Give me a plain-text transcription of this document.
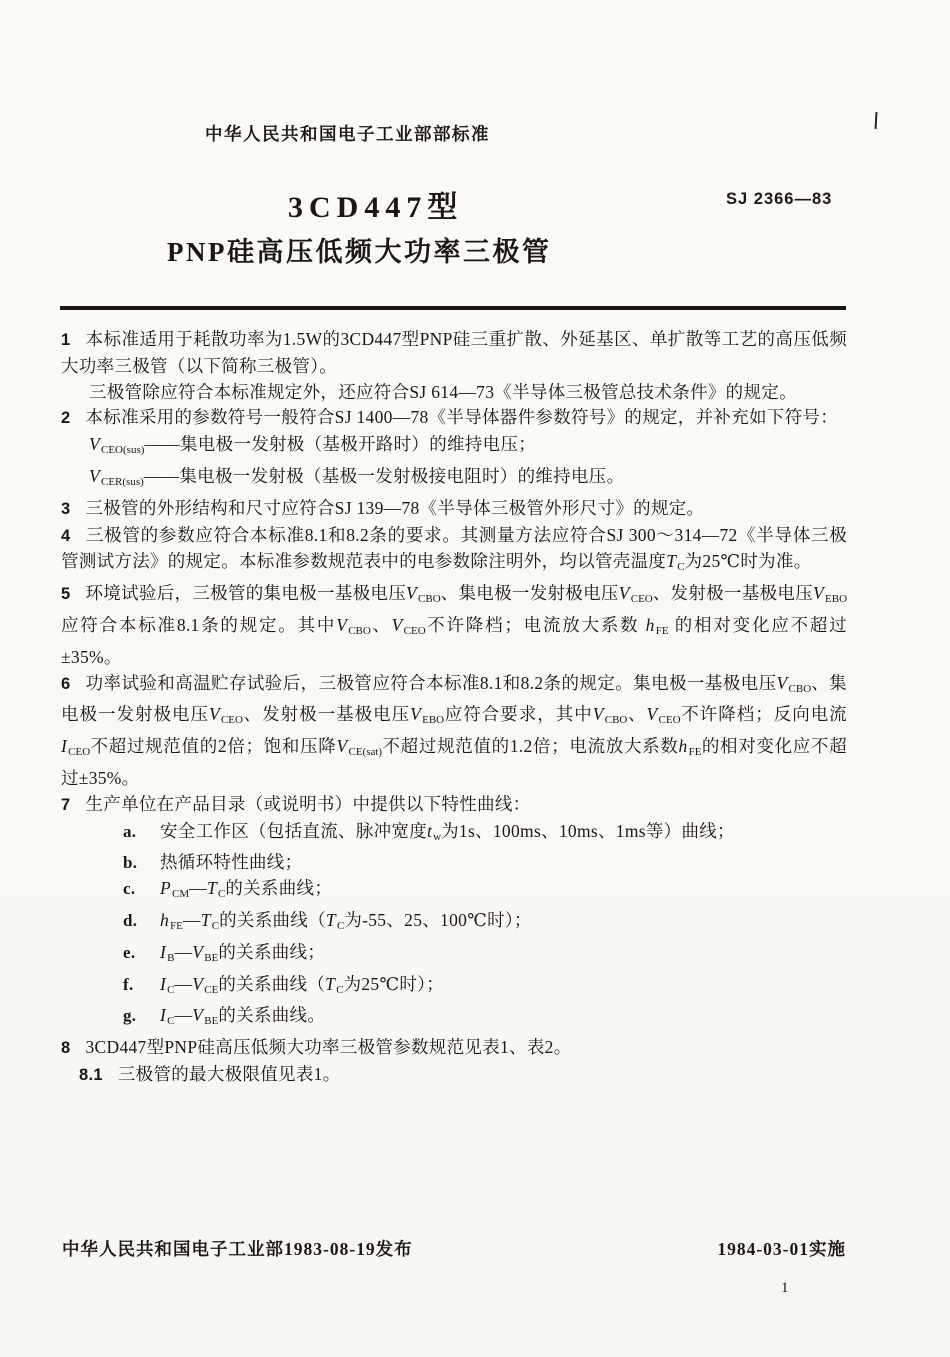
中华人民共和国电子工业部部标准
3CD447型	SJ 2366—83
PNP硅高压低频大功率三极管
1 本标准适用于耗散功率为1.5W的3CD447型PNP硅三重扩散、外延基区、单扩散等工艺的高压低频大功率三极管（以下简称三极管）。
三极管除应符合本标准规定外，还应符合SJ 614—73《半导体三极管总技术条件》的规定。
2 本标准采用的参数符号一般符合SJ 1400—78《半导体器件参数符号》的规定，并补充如下符号：
$V_{CEO(sus)}——$集电极一发射极（基极开路时）的维持电压；
$V_{CER(sus)}——$集电极一发射极（基极一发射极接电阻时）的维持电压。
3 三极管的外形结构和尺寸应符合SJ 139—78《半导体三极管外形尺寸》的规定。
4 三极管的参数应符合本标准8.1和8.2条的要求。其测量方法应符合SJ 300～314—72《半导体三极管测试方法》的规定。本标准参数规范表中的电参数除注明外，均以管壳温度$T_C$为25℃时为准。
5 环境试验后，三极管的集电极一基极电压$V_{CBO}$、集电极一发射极电压$V_{CEO}$、发射极一基极电压$V_{EBO}$ 应符合本标准8.1条的规定。其中$V_{CBO}$、$V_{CEO}$不许降档；电流放大系数 $h_{FE}$ 的相对变化应不超过±35%。
6 功率试验和高温贮存试验后，三极管应符合本标准8.1和8.2条的规定。集电极一基极电压$V_{CBO}$、集电极一发射极电压$V_{CEO}$、发射极一基极电压$V_{EBO}$应符合要求，其中$V_{CBO}$、$V_{CEO}$不许降档；反向电流$I_{CEO}$不超过规范值的2倍；饱和压降$V_{CE(sat)}$不超过规范值的1.2倍；电流放大系数$h_{FE}$的相对变化应不超过±35%。
7 生产单位在产品目录（或说明书）中提供以下特性曲线：
a. 安全工作区（包括直流、脉冲宽度$t_w$为1s、100ms、10ms、1ms等）曲线；
b. 热循环特性曲线；
c. $P_{CM}—T_C$的关系曲线；
d. $h_{FE}—T_C$的关系曲线（$T_C$为-55、25、100℃时）；
e. $I_B—V_{BE}$的关系曲线；
f. $I_C—V_{CE}$的关系曲线（$T_C$为25℃时）；
g. $I_C—V_{BE}$的关系曲线。
8 3CD447型PNP硅高压低频大功率三极管参数规范见表1、表2。
8.1 三极管的最大极限值见表1。
中华人民共和国电子工业部1983-08-19发布	1984-03-01实施
1
